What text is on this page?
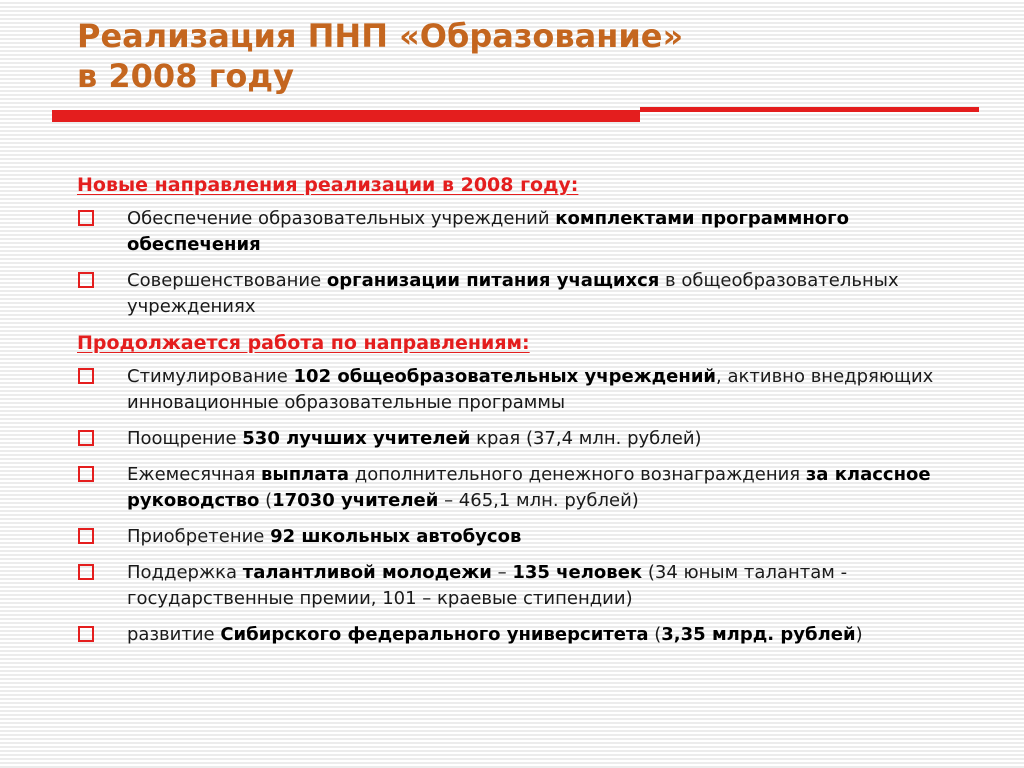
Реализация ПНП «Образование»
в 2008 году
Новые направления реализации в 2008 году:
Обеспечение образовательных учреждений комплектами программного обеспечения
Совершенствование организации питания учащихся в общеобразовательных учреждениях
Продолжается работа по направлениям:
Стимулирование 102 общеобразовательных учреждений, активно внедряющих инновационные образовательные программы
Поощрение 530 лучших учителей края (37,4 млн. рублей)
Ежемесячная выплата дополнительного денежного вознаграждения за классное руководство (17030 учителей – 465,1 млн. рублей)
Приобретение 92 школьных автобусов
Поддержка талантливой молодежи – 135 человек (34 юным талантам - государственные премии, 101 – краевые стипендии)
развитие Сибирского федерального университета (3,35 млрд. рублей)
